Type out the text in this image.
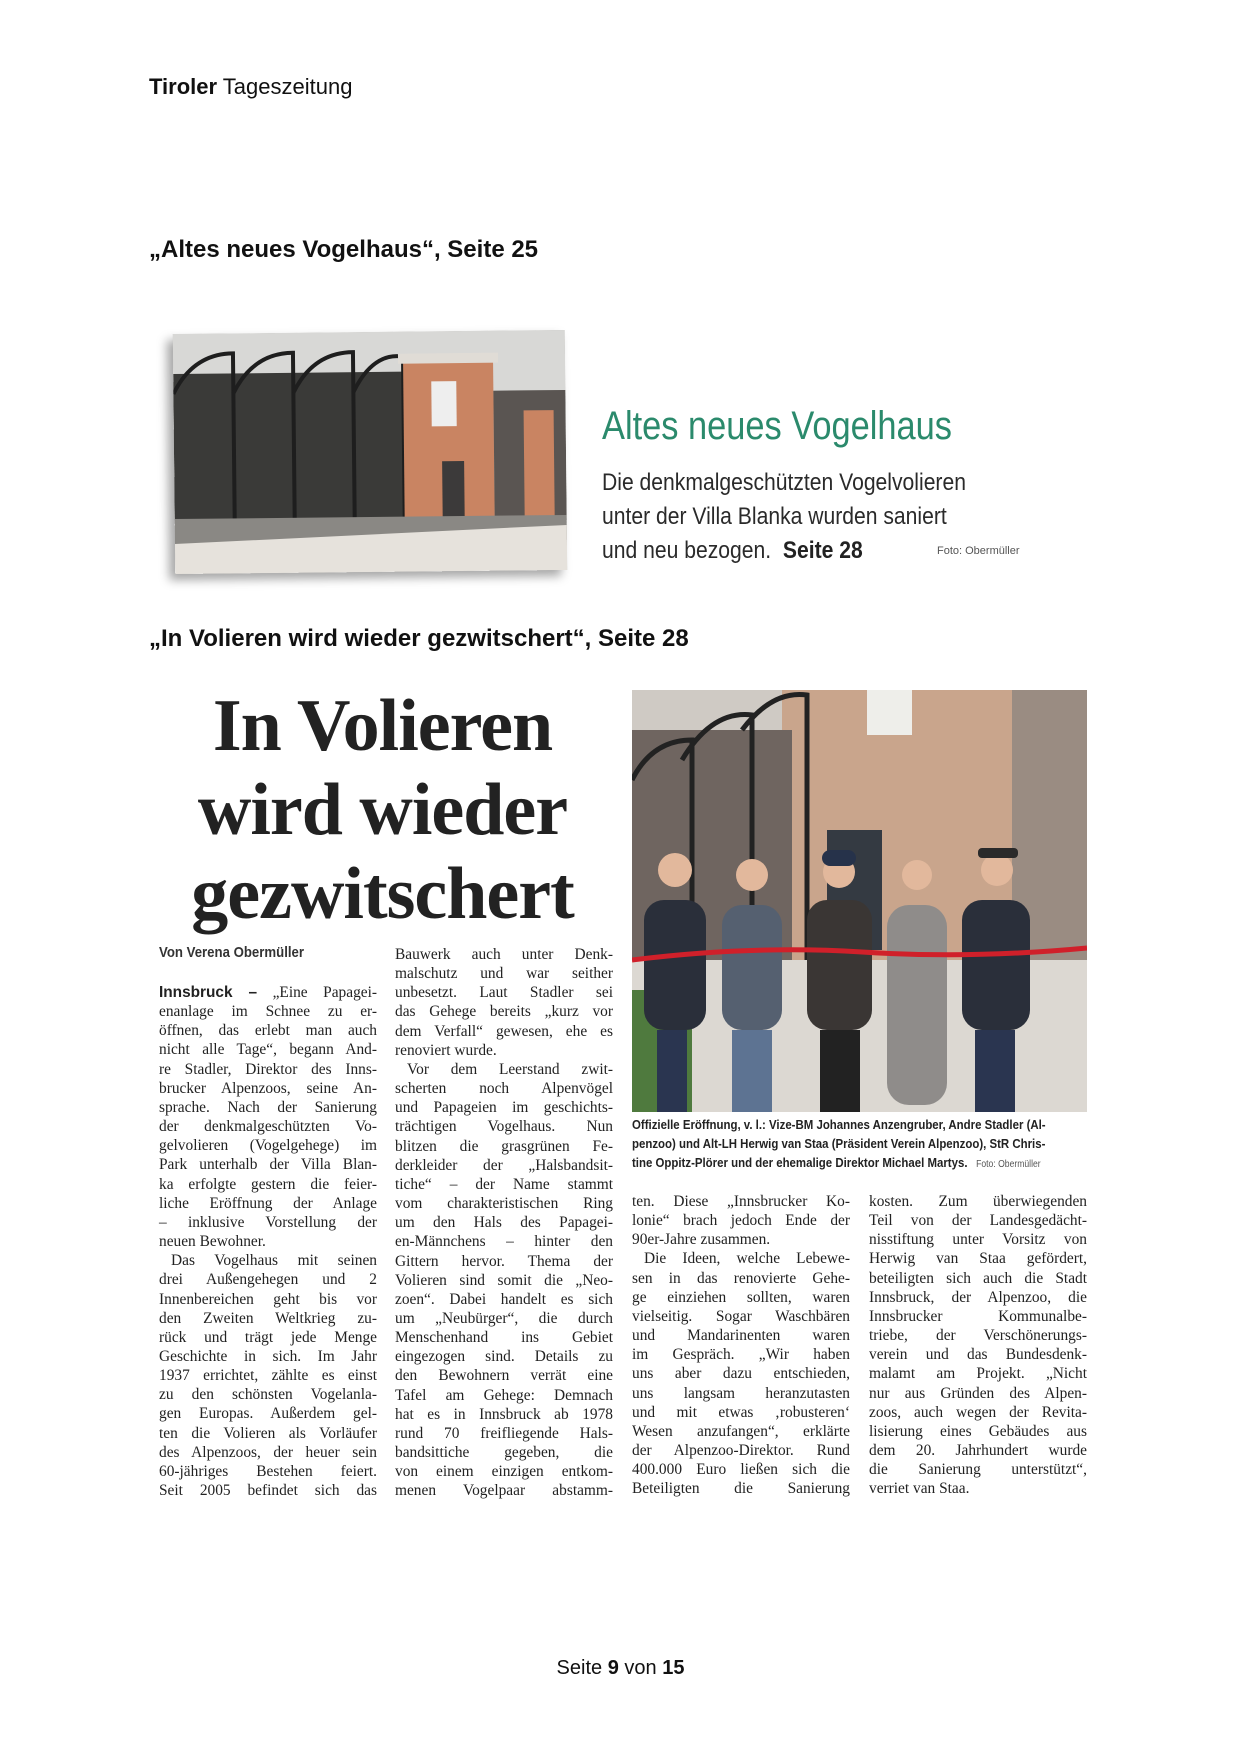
Tiroler Tageszeitung
„Altes neues Vogelhaus“, Seite 25
Altes neues Vogelhaus
Die denkmalgeschützten Vogelvolieren
unter der Villa Blanka wurden saniert
und neu bezogen. Seite 28	Foto: Obermüller
„In Volieren wird wieder gezwitschert“, Seite 28
In Volieren
wird wieder
gezwitschert
Von Verena Obermüller
Innsbruck – „Eine Papagei-
enanlage im Schnee zu er-
öffnen, das erlebt man auch
nicht alle Tage“, begann And-
re Stadler, Direktor des Inns-
brucker Alpenzoos, seine An-
sprache. Nach der Sanierung
der denkmalgeschützten Vo-
gelvolieren (Vogelgehege) im
Park unterhalb der Villa Blan-
ka erfolgte gestern die feier-
liche Eröffnung der Anlage
– inklusive Vorstellung der
neuen Bewohner.
Das Vogelhaus mit seinen
drei Außengehegen und 2
Innenbereichen geht bis vor
den Zweiten Weltkrieg zu-
rück und trägt jede Menge
Geschichte in sich. Im Jahr
1937 errichtet, zählte es einst
zu den schönsten Vogelanla-
gen Europas. Außerdem gel-
ten die Volieren als Vorläufer
des Alpenzoos, der heuer sein
60-jähriges Bestehen feiert.
Seit 2005 befindet sich das
Bauwerk auch unter Denk-
malschutz und war seither
unbesetzt. Laut Stadler sei
das Gehege bereits „kurz vor
dem Verfall“ gewesen, ehe es
renoviert wurde.
Vor dem Leerstand zwit-
scherten noch Alpenvögel
und Papageien im geschichts-
trächtigen Vogelhaus. Nun
blitzen die grasgrünen Fe-
derkleider der „Halsbandsit-
tiche“ – der Name stammt
vom charakteristischen Ring
um den Hals des Papagei-
en-Männchens – hinter den
Gittern hervor. Thema der
Volieren sind somit die „Neo-
zoen“. Dabei handelt es sich
um „Neubürger“, die durch
Menschenhand ins Gebiet
eingezogen sind. Details zu
den Bewohnern verrät eine
Tafel am Gehege: Demnach
hat es in Innsbruck ab 1978
rund 70 freifliegende Hals-
bandsittiche gegeben, die
von einem einzigen entkom-
menen Vogelpaar abstamm-
ten. Diese „Innsbrucker Ko-
lonie“ brach jedoch Ende der
90er-Jahre zusammen.
Die Ideen, welche Lebewe-
sen in das renovierte Gehe-
ge einziehen sollten, waren
vielseitig. Sogar Waschbären
und Mandarinenten waren
im Gespräch. „Wir haben
uns aber dazu entschieden,
uns langsam heranzutasten
und mit etwas ‚robusteren‘
Wesen anzufangen“, erklärte
der Alpenzoo-Direktor. Rund
400.000 Euro ließen sich die
Beteiligten die Sanierung
kosten. Zum überwiegenden
Teil von der Landesgedächt-
nisstiftung unter Vorsitz von
Herwig van Staa gefördert,
beteiligten sich auch die Stadt
Innsbruck, der Alpenzoo, die
Innsbrucker Kommunalbe-
triebe, der Verschönerungs-
verein und das Bundesdenk-
malamt am Projekt. „Nicht
nur aus Gründen des Alpen-
zoos, auch wegen der Revita-
lisierung eines Gebäudes aus
dem 20. Jahrhundert wurde
die Sanierung unterstützt“,
verriet van Staa.
Offizielle Eröffnung, v. l.: Vize-BM Johannes Anzengruber, Andre Stadler (Al-
penzoo) und Alt-LH Herwig van Staa (Präsident Verein Alpenzoo), StR Chris-
tine Oppitz-Plörer und der ehemalige Direktor Michael Martys. Foto: Obermüller
Seite 9 von 15
